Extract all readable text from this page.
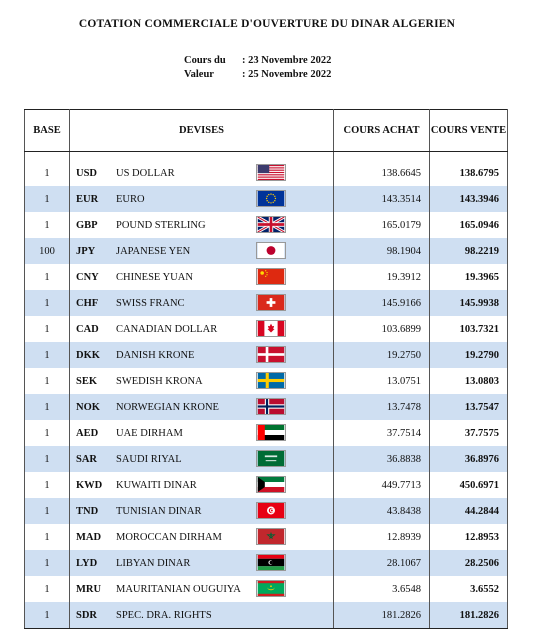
COTATION COMMERCIALE D'OUVERTURE DU DINAR ALGERIEN
Cours du : 23 Novembre 2022
Valeur	: 25 Novembre 2022
BASE	DEVISES	COURS ACHAT	COURS VENTE

1	USD US DOLLAR	138.6645	138.6795
1	EUR EURO	143.3514	143.3946
1	GBP POUND STERLING	165.0179	165.0946
100	JPY JAPANESE YEN	98.1904	98.2219
1	CNY CHINESE YUAN	19.3912	19.3965
1	CHF SWISS FRANC	145.9166	145.9938
1	CAD CANADIAN DOLLAR	103.6899	103.7321
1	DKK DANISH KRONE	19.2750	19.2790
1	SEK SWEDISH KRONA	13.0751	13.0803
1	NOK NORWEGIAN KRONE	13.7478	13.7547
1	AED UAE DIRHAM	37.7514	37.7575
1	SAR SAUDI RIYAL	36.8838	36.8976
1	KWD KUWAITI DINAR	449.7713	450.6971
1	TND TUNISIAN DINAR	43.8438	44.2844
1	MAD MOROCCAN DIRHAM	12.8939	12.8953
1	LYD LIBYAN DINAR	28.1067	28.2506
1	MRU MAURITANIAN OUGUIYA	3.6548	3.6552
1	SDR SPEC. DRA. RIGHTS	181.2826	181.2826
